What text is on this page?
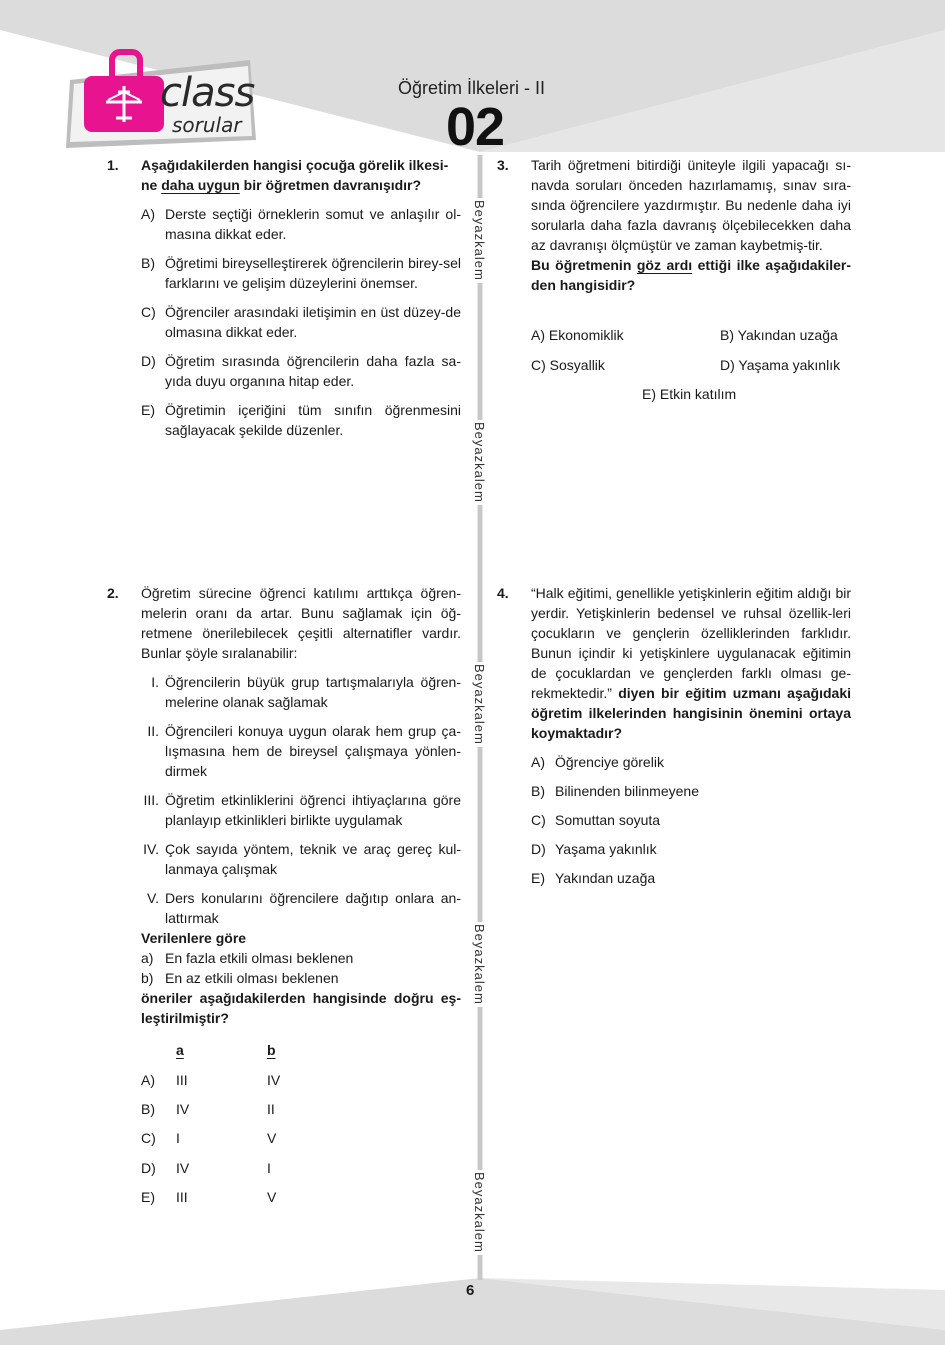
class
sorular
Öğretim İlkeleri - II
02
Beyazkalem
Beyazkalem
Beyazkalem
Beyazkalem
Beyazkalem
1. Aşağıdakilerden hangisi çocuğa görelik ilkesi-
ne daha uygun bir öğretmen davranışıdır?

A) Derste seçtiği örneklerin somut ve anlaşılır ol-masına dikkat eder.
B) Öğretimi bireyselleştirerek öğrencilerin birey-sel farklarını ve gelişim düzeylerini önemser.
C) Öğrenciler arasındaki iletişimin en üst düzey-de olmasına dikkat eder.
D) Öğretim sırasında öğrencilerin daha fazla sa-yıda duyu organına hitap eder.
E) Öğretimin içeriğini tüm sınıfın öğrenmesini sağlayacak şekilde düzenler.
3. Tarih öğretmeni bitirdiği üniteyle ilgili yapacağı sı-navda soruları önceden hazırlamamış, sınav sıra-sında öğrencilere yazdırmıştır. Bu nedenle daha iyi sorularla daha fazla davranış ölçebilecekken daha az davranışı ölçmüştür ve zaman kaybetmiş-tir.

Bu öğretmenin göz ardı ettiği ilke aşağıdakiler-den hangisidir?

A) Ekonomiklik	B) Yakından uzağa
C) Sosyallik	D) Yaşama yakınlık
E) Etkin katılım
2. Öğretim sürecine öğrenci katılımı arttıkça öğren-melerin oranı da artar. Bunu sağlamak için öğ-retmene önerilebilecek çeşitli alternatifler vardır. Bunlar şöyle sıralanabilir:

I. Öğrencilerin büyük grup tartışmalarıyla öğren-melerine olanak sağlamak
II. Öğrencileri konuya uygun olarak hem grup ça-lışmasına hem de bireysel çalışmaya yönlen-dirmek
III. Öğretim etkinliklerini öğrenci ihtiyaçlarına göre planlayıp etkinlikleri birlikte uygulamak
IV. Çok sayıda yöntem, teknik ve araç gereç kul-lanmaya çalışmak
V. Ders konularını öğrencilere dağıtıp onlara an-lattırmak

Verilenlere göre

a) En fazla etkili olması beklenen
b) En az etkili olması beklenen

öneriler aşağıdakilerden hangisinde doğru eş-leştirilmiştir?

a	b
A) III	IV
B) IV	II
C) I	V
D) IV	I
E) III	V
4. “Halk eğitimi, genellikle yetişkinlerin eğitim aldığı bir yerdir. Yetişkinlerin bedensel ve ruhsal özellik-leri çocukların ve gençlerin özelliklerinden farklıdır. Bunun içindir ki yetişkinlere uygulanacak eğitimin de çocuklardan ve gençlerden farklı olması ge-rekmektedir.” diyen bir eğitim uzmanı aşağıdaki öğretim ilkelerinden hangisinin önemini ortaya koymaktadır?

A) Öğrenciye görelik
B) Bilinenden bilinmeyene
C) Somuttan soyuta
D) Yaşama yakınlık
E) Yakından uzağa
6
